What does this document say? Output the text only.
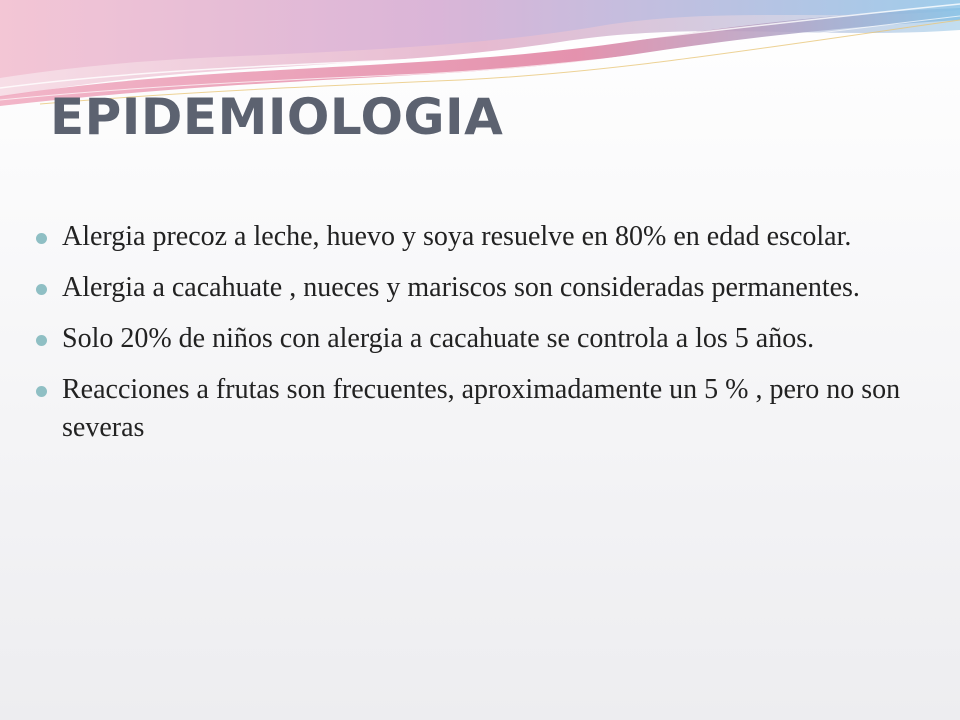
EPIDEMIOLOGIA
Alergia precoz a leche, huevo y soya resuelve en 80% en edad escolar.
Alergia a cacahuate , nueces y mariscos son consideradas permanentes.
Solo 20% de niños con alergia a cacahuate se controla a los 5 años.
Reacciones a frutas son frecuentes, aproximadamente un 5 % , pero no son severas
